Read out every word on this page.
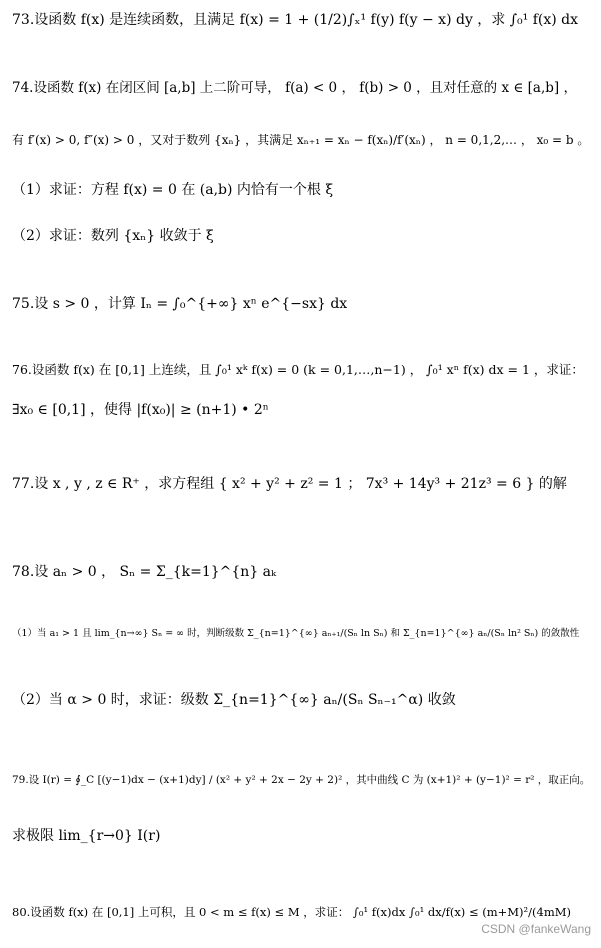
73.设函数 f(x) 是连续函数，且满足 f(x) = 1 + (1/2)∫ₓ¹ f(y) f(y − x) dy ，求 ∫₀¹ f(x) dx
74.设函数 f(x) 在闭区间 [a,b] 上二阶可导， f(a) < 0 ， f(b) > 0 ，且对任意的 x ∈ [a,b] ，
有 f′(x) > 0, f″(x) > 0 ，又对于数列 {xₙ} ，其满足 xₙ₊₁ = xₙ − f(xₙ)/f′(xₙ) ， n = 0,1,2,… ， x₀ = b 。
（1）求证：方程 f(x) = 0 在 (a,b) 内恰有一个根 ξ
（2）求证：数列 {xₙ} 收敛于 ξ
75.设 s > 0 ，计算 Iₙ = ∫₀^{+∞} xⁿ e^{−sx} dx
76.设函数 f(x) 在 [0,1] 上连续，且 ∫₀¹ xᵏ f(x) = 0 (k = 0,1,…,n−1) ， ∫₀¹ xⁿ f(x) dx = 1 ，求证：
∃x₀ ∈ [0,1] ，使得 |f(x₀)| ≥ (n+1) • 2ⁿ
77.设 x , y , z ∈ R⁺ ，求方程组 { x² + y² + z² = 1 ； 7x³ + 14y³ + 21z³ = 6 } 的解
78.设 aₙ > 0 ， Sₙ = Σ_{k=1}^{n} aₖ
（1）当 a₁ > 1 且 lim_{n→∞} Sₙ = ∞ 时，判断级数 Σ_{n=1}^{∞} aₙ₊₁/(Sₙ ln Sₙ) 和 Σ_{n=1}^{∞} aₙ/(Sₙ ln² Sₙ) 的敛散性
（2）当 α > 0 时，求证：级数 Σ_{n=1}^{∞} aₙ/(Sₙ Sₙ₋₁^α) 收敛
79.设 I(r) = ∮_C [(y−1)dx − (x+1)dy] / (x² + y² + 2x − 2y + 2)² ，其中曲线 C 为 (x+1)² + (y−1)² = r² ，取正向。
求极限 lim_{r→0} I(r)
80.设函数 f(x) 在 [0,1] 上可积，且 0 < m ≤ f(x) ≤ M ，求证： ∫₀¹ f(x)dx ∫₀¹ dx/f(x) ≤ (m+M)²/(4mM)
CSDN @fankeWang
